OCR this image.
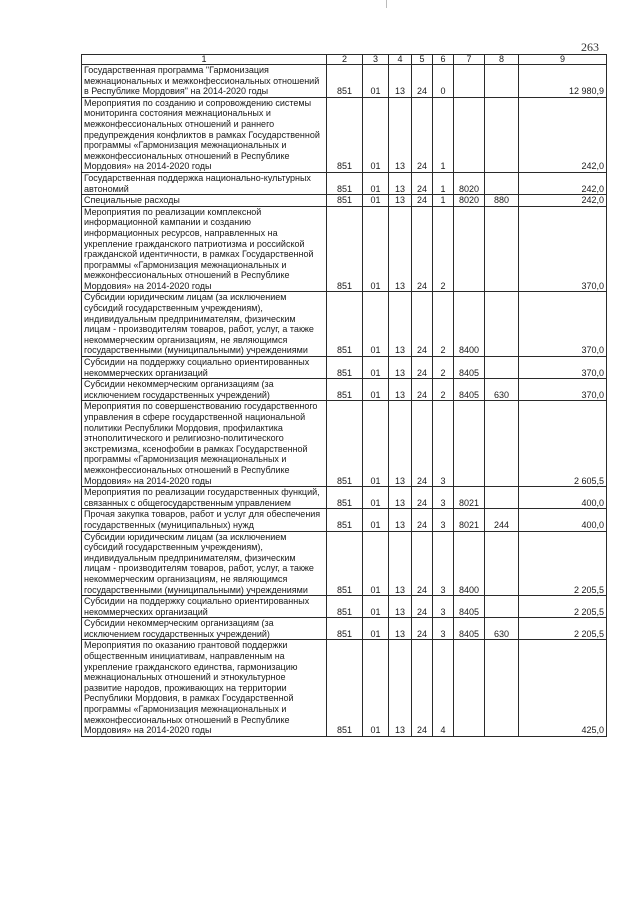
263
1	2	3	4	5	6	7	8	9
Государственная программа "Гармонизация межнациональных и межконфессиональных отношений в Республике Мордовия" на 2014-2020 годы	851	01	13	24	0			12 980,9
Мероприятия по созданию и сопровождению системы мониторинга состояния межнациональных и межконфессиональных отношений и раннего предупреждения конфликтов в рамках Государственной программы «Гармонизация межнациональных и межконфессиональных отношений в Республике Мордовия» на 2014-2020 годы	851	01	13	24	1			242,0
Государственная поддержка национально-культурных автономий	851	01	13	24	1	8020		242,0
Специальные расходы	851	01	13	24	1	8020	880	242,0
Мероприятия по реализации комплексной информационной кампании и созданию информационных ресурсов, направленных на укрепление гражданского патриотизма и российской гражданской идентичности, в рамках Государственной программы «Гармонизация межнациональных и межконфессиональных отношений в Республике Мордовия» на 2014-2020 годы	851	01	13	24	2			370,0
Субсидии юридическим лицам (за исключением субсидий государственным учреждениям), индивидуальным предпринимателям, физическим лицам - производителям товаров, работ, услуг, а также некоммерческим организациям, не являющимся государственными (муниципальными) учреждениями	851	01	13	24	2	8400		370,0
Субсидии на поддержку социально ориентированных некоммерческих организаций	851	01	13	24	2	8405		370,0
Субсидии некоммерческим организациям (за исключением государственных учреждений)	851	01	13	24	2	8405	630	370,0
Мероприятия по совершенствованию государственного управления в сфере государственной национальной политики Республики Мордовия, профилактика этнополитического и религиозно-политического экстремизма, ксенофобии в рамках Государственной программы «Гармонизация межнациональных и межконфессиональных отношений в Республике Мордовия» на 2014-2020 годы	851	01	13	24	3			2 605,5
Мероприятия по реализации государственных функций, связанных с общегосударственным управлением	851	01	13	24	3	8021		400,0
Прочая закупка товаров, работ и услуг для обеспечения государственных (муниципальных) нужд	851	01	13	24	3	8021	244	400,0
Субсидии юридическим лицам (за исключением субсидий государственным учреждениям), индивидуальным предпринимателям, физическим лицам - производителям товаров, работ, услуг, а также некоммерческим организациям, не являющимся государственными (муниципальными) учреждениями	851	01	13	24	3	8400		2 205,5
Субсидии на поддержку социально ориентированных некоммерческих организаций	851	01	13	24	3	8405		2 205,5
Субсидии некоммерческим организациям (за исключением государственных учреждений)	851	01	13	24	3	8405	630	2 205,5
Мероприятия по оказанию грантовой поддержки общественным инициативам, направленным на укрепление гражданского единства, гармонизацию межнациональных отношений и этнокультурное развитие народов, проживающих на территории Республики Мордовия, в рамках Государственной программы «Гармонизация межнациональных и межконфессиональных отношений в Республике Мордовия» на 2014-2020 годы	851	01	13	24	4			425,0
